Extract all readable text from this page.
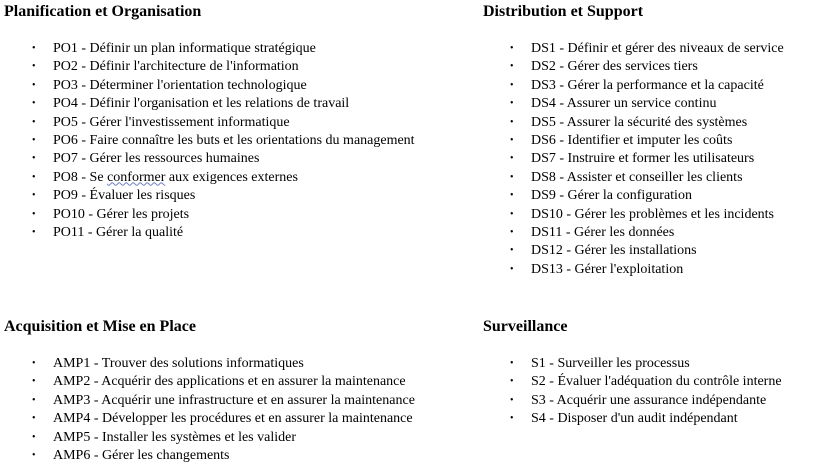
Planification et Organisation
•	PO1 - Définir un plan informatique stratégique
•	PO2 - Définir l'architecture de l'information
•	PO3 - Déterminer l'orientation technologique
•	PO4 - Définir l'organisation et les relations de travail
•	PO5 - Gérer l'investissement informatique
•	PO6 - Faire connaître les buts et les orientations du management
•	PO7 - Gérer les ressources humaines
•	PO8 - Se conformer aux exigences externes
•	PO9 - Évaluer les risques
•	PO10 - Gérer les projets
•	PO11 - Gérer la qualité
Distribution et Support
•	DS1 - Définir et gérer des niveaux de service
•	DS2 - Gérer des services tiers
•	DS3 - Gérer la performance et la capacité
•	DS4 - Assurer un service continu
•	DS5 - Assurer la sécurité des systèmes
•	DS6 - Identifier et imputer les coûts
•	DS7 - Instruire et former les utilisateurs
•	DS8 - Assister et conseiller les clients
•	DS9 - Gérer la configuration
•	DS10 - Gérer les problèmes et les incidents
•	DS11 - Gérer les données
•	DS12 - Gérer les installations
•	DS13 - Gérer l'exploitation
Acquisition et Mise en Place
•	AMP1 - Trouver des solutions informatiques
•	AMP2 - Acquérir des applications et en assurer la maintenance
•	AMP3 - Acquérir une infrastructure et en assurer la maintenance
•	AMP4 - Développer les procédures et en assurer la maintenance
•	AMP5 - Installer les systèmes et les valider
•	AMP6 - Gérer les changements
Surveillance
•	S1 - Surveiller les processus
•	S2 - Évaluer l'adéquation du contrôle interne
•	S3 - Acquérir une assurance indépendante
•	S4 - Disposer d'un audit indépendant
